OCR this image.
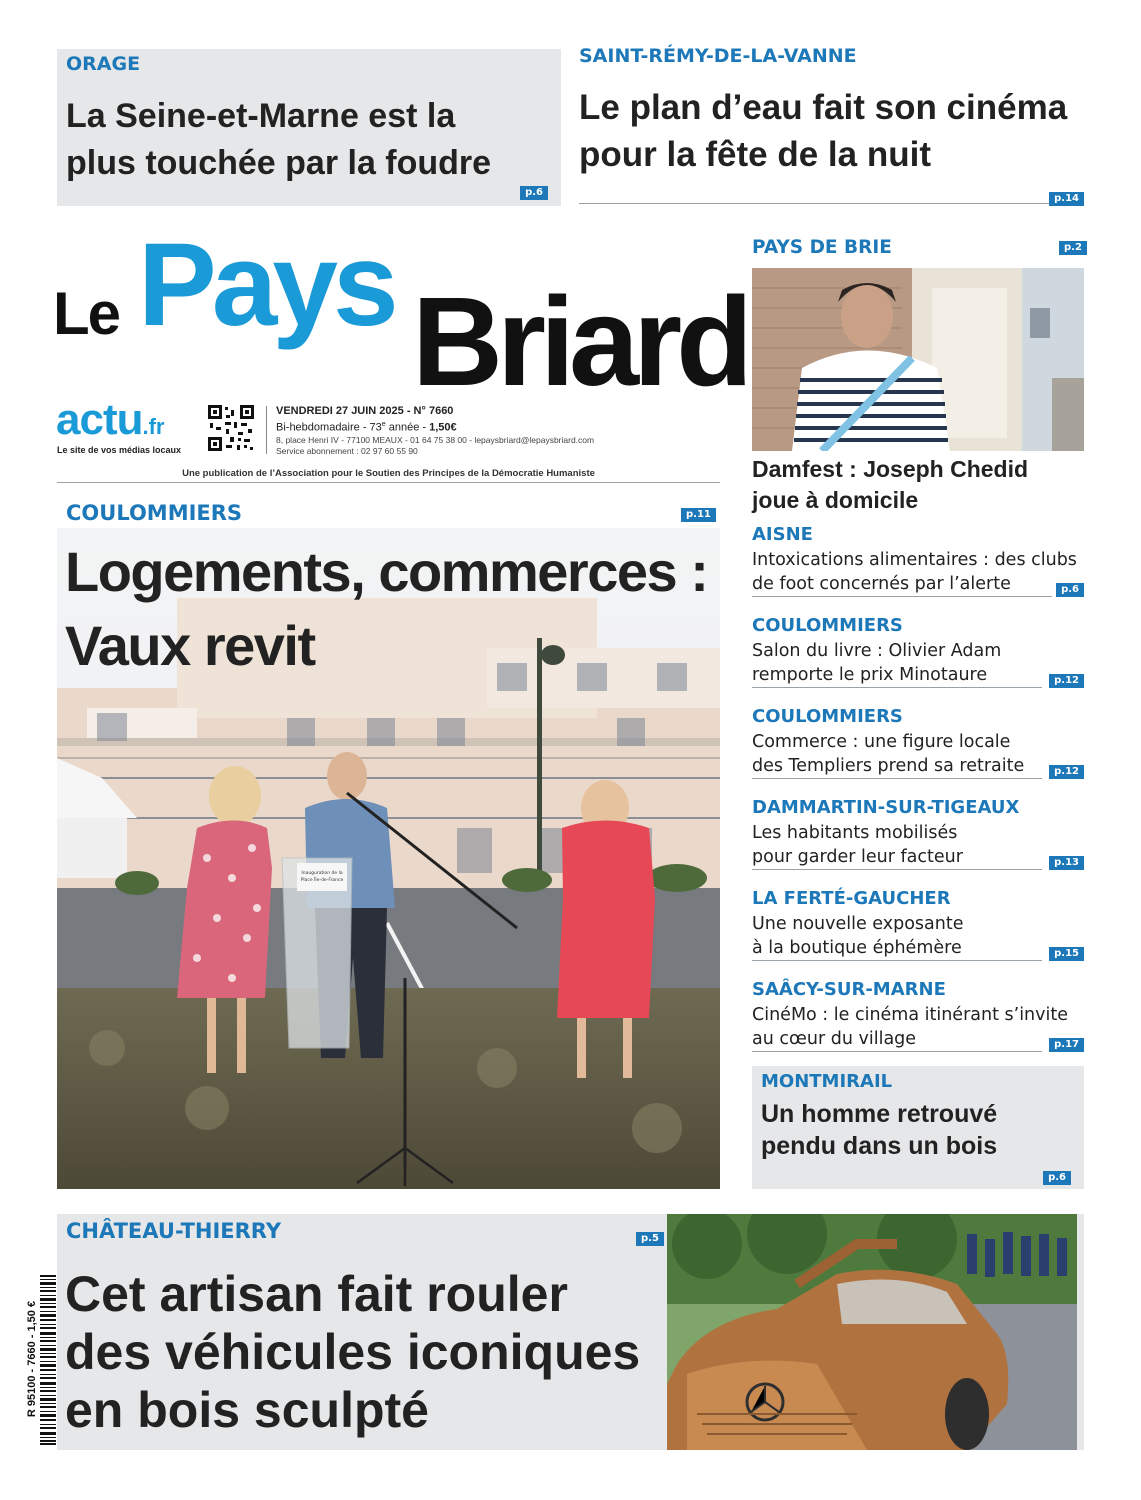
ORAGE
La Seine-et-Marne est la
plus touchée par la foudre
p.6
SAINT-RÉMY-DE-LA-VANNE
Le plan d’eau fait son cinéma
pour la fête de la nuit
p.14
Le Pays Briard
actu.fr
Le site de vos médias locaux
VENDREDI 27 JUIN 2025 - N° 7660
Bi-hebdomadaire - 73e année - 1,50€
8, place Henri IV - 77100 MEAUX - 01 64 75 38 00 - lepaysbriard@lepaysbriard.com
Service abonnement : 02 97 60 55 90
Une publication de l’Association pour le Soutien des Principes de la Démocratie Humaniste
COULOMMIERS	p.11
Inauguration de la
Place Île-de-France
Logements, commerces :
Vaux revit
PAYS DE BRIE	p.2
Damfest : Joseph Chedid
joue à domicile
AISNE
Intoxications alimentaires : des clubs
de foot concernés par l’alerte	p.6
COULOMMIERS
Salon du livre : Olivier Adam
remporte le prix Minotaure	p.12
COULOMMIERS
Commerce : une figure locale
des Templiers prend sa retraite	p.12
DAMMARTIN-SUR-TIGEAUX
Les habitants mobilisés
pour garder leur facteur	p.13
LA FERTÉ-GAUCHER
Une nouvelle exposante
à la boutique éphémère	p.15
SAÂCY-SUR-MARNE
CinéMo : le cinéma itinérant s’invite
au cœur du village	p.17
MONTMIRAIL
Un homme retrouvé
pendu dans un bois
p.6
CHÂTEAU-THIERRY	p.5
Cet artisan fait rouler
des véhicules iconiques
en bois sculpté
R 95100 - 7660 - 1,50 €
